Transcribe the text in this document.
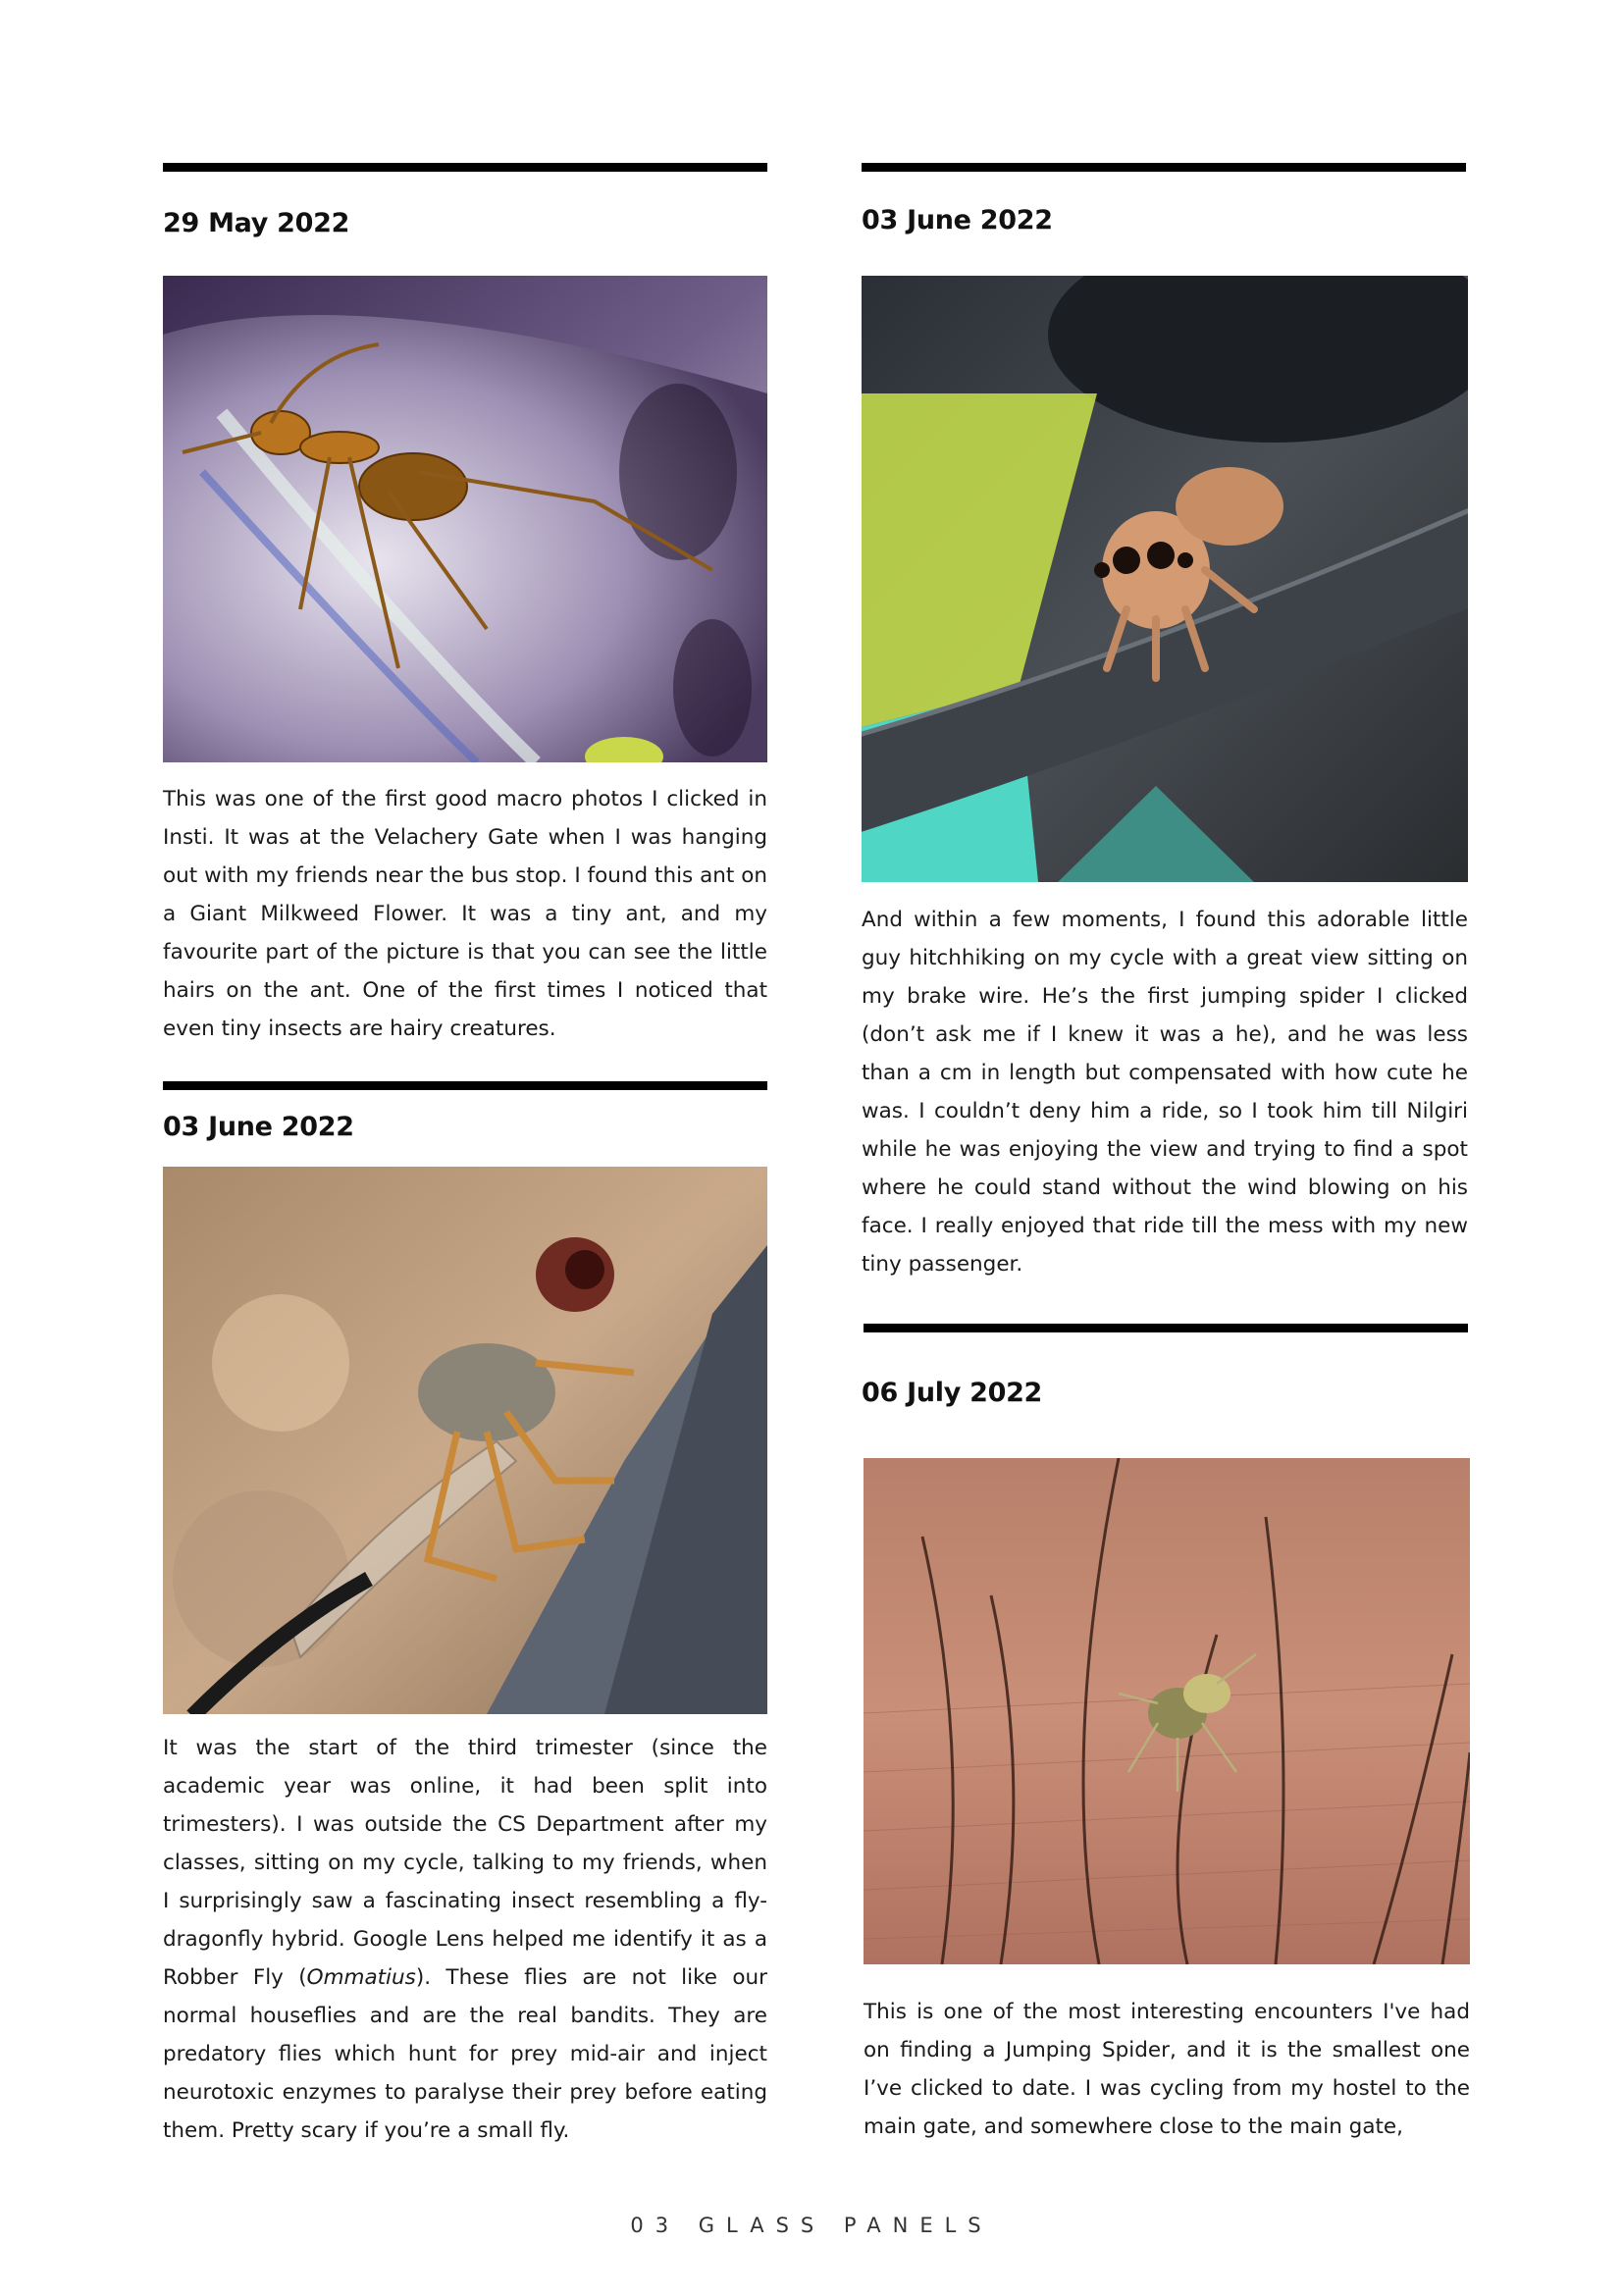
29 May 2022

This was one of the first good macro photos I clicked in Insti. It was at the Velachery Gate when I was hanging out with my friends near the bus stop. I found this ant on a Giant Milkweed Flower. It was a tiny ant, and my favourite part of the picture is that you can see the little hairs on the ant. One of the first times I noticed that even tiny insects are hairy creatures.

03 June 2022

It was the start of the third trimester (since the academic year was online, it had been split into trimesters). I was outside the CS Department after my classes, sitting on my cycle, talking to my friends, when I surprisingly saw a fascinating insect resembling a fly-dragonfly hybrid. Google Lens helped me identify it as a Robber Fly (Ommatius). These flies are not like our normal houseflies and are the real bandits. They are predatory flies which hunt for prey mid-air and inject neurotoxic enzymes to paralyse their prey before eating them. Pretty scary if you’re a small fly.

03 June 2022

And within a few moments, I found this adorable little guy hitchhiking on my cycle with a great view sitting on my brake wire. He’s the first jumping spider I clicked (don’t ask me if I knew it was a he), and he was less than a cm in length but compensated with how cute he was. I couldn’t deny him a ride, so I took him till Nilgiri while he was enjoying the view and trying to find a spot where he could stand without the wind blowing on his face. I really enjoyed that ride till the mess with my new tiny passenger.

06 July 2022

This is one of the most interesting encounters I've had on finding a Jumping Spider, and it is the smallest one I’ve clicked to date. I was cycling from my hostel to the main gate, and somewhere close to the main gate,

03 GLASS PANELS
